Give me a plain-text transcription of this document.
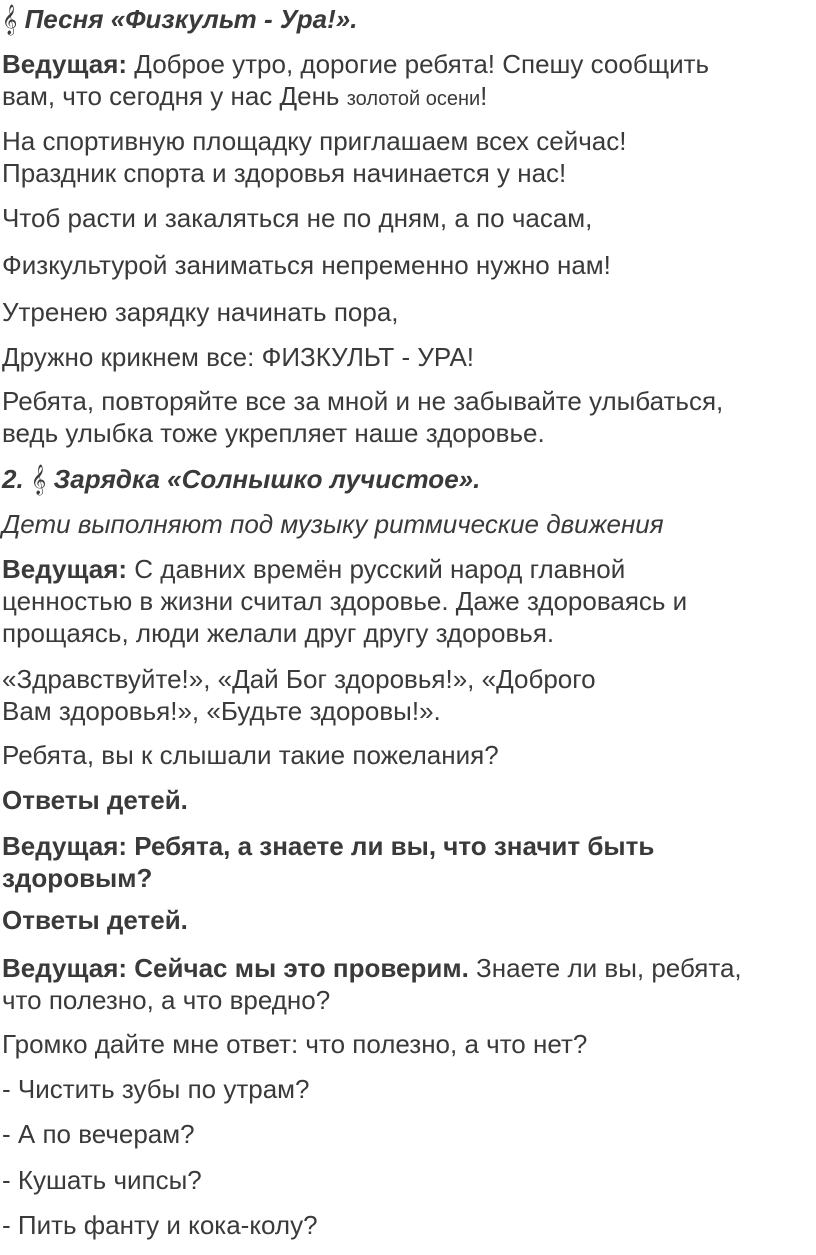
𝄞 Песня «Физкульт - Ура!».

Ведущая: Доброе утро, дорогие ребята! Спешу сообщить
вам, что сегодня у нас День золотой осени!

На спортивную площадку приглашаем всех сейчас!
Праздник спорта и здоровья начинается у нас!

Чтоб расти и закаляться не по дням, а по часам,

Физкультурой заниматься непременно нужно нам!

Утренею зарядку начинать пора,

Дружно крикнем все: ФИЗКУЛЬТ - УРА!

Ребята, повторяйте все за мной и не забывайте улыбаться,
ведь улыбка тоже укрепляет наше здоровье.

2. 𝄞 Зарядка «Солнышко лучистое».

Дети выполняют под музыку ритмические движения

Ведущая: С давних времён русский народ главной
ценностью в жизни считал здоровье. Даже здороваясь и
прощаясь, люди желали друг другу здоровья.

«Здравствуйте!», «Дай Бог здоровья!», «Доброго
Вам здоровья!», «Будьте здоровы!».

Ребята, вы к слышали такие пожелания?

Ответы детей.

Ведущая: Ребята, а знаете ли вы, что значит быть
здоровым?

Ответы детей.

Ведущая: Сейчас мы это проверим. Знаете ли вы, ребята,
что полезно, а что вредно?

Громко дайте мне ответ: что полезно, а что нет?

- Чистить зубы по утрам?

- А по вечерам?

- Кушать чипсы?

- Пить фанту и кока-колу?
